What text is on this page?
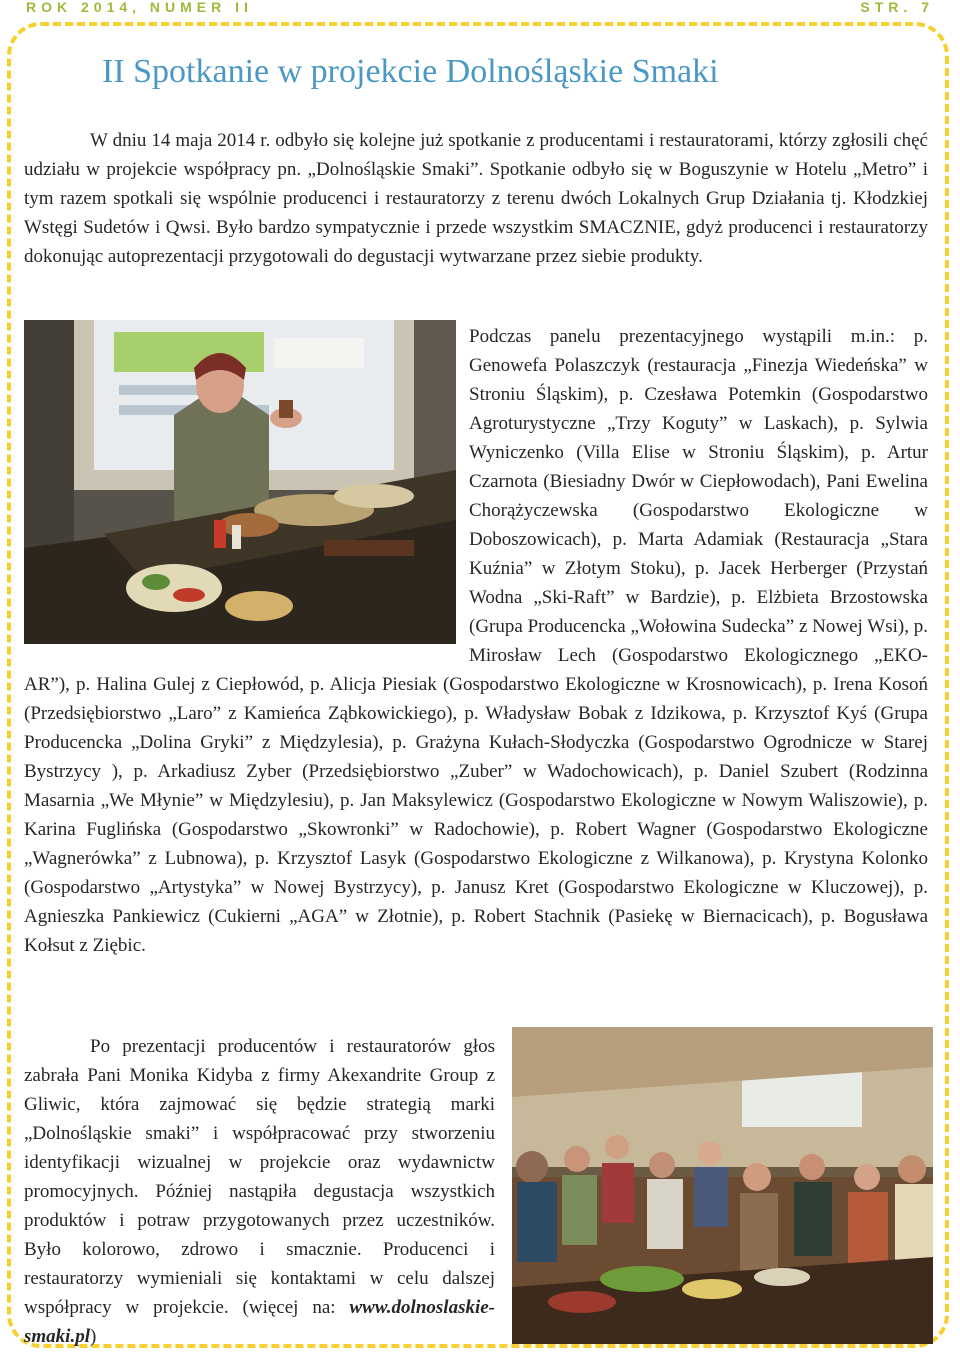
ROK 2014, NUMER II	STR. 7
II Spotkanie w projekcie Dolnośląskie Smaki

W dniu 14 maja 2014 r. odbyło się kolejne już spotkanie z producentami i restauratorami, którzy zgłosili chęć udziału w projekcie współpracy pn. „Dolnośląskie Smaki”. Spotkanie odbyło się w Boguszynie w Hotelu „Metro” i tym razem spotkali się wspólnie producenci i restauratorzy z terenu dwóch Lokalnych Grup Działania tj. Kłodzkiej Wstęgi Sudetów i Qwsi. Było bardzo sympatycznie i przede wszystkim SMACZNIE, gdyż producenci i restauratorzy dokonując autoprezentacji przygotowali do degustacji wytwarzane przez siebie produkty.

Podczas panelu prezentacyjnego wystąpili m.in.: p. Genowefa Polaszczyk (restauracja „Finezja Wiedeńska” w Stroniu Śląskim), p. Czesława Potemkin (Gospodarstwo Agroturystyczne „Trzy Koguty” w Laskach), p. Sylwia Wyniczenko (Villa Elise w Stroniu Śląskim), p. Artur Czarnota (Biesiadny Dwór w Ciepłowodach), Pani Ewelina Chorążyczewska (Gospodarstwo Ekologiczne w Doboszowicach), p. Marta Adamiak (Restauracja „Stara Kuźnia” w Złotym Stoku), p. Jacek Herberger (Przystań Wodna „Ski-Raft” w Bardzie), p. Elżbieta Brzostowska (Grupa Producencka „Wołowina Sudecka” z Nowej Wsi), p. Mirosław Lech (Gospodarstwo Ekologicznego „EKO-AR”), p. Halina Gulej z Ciepłowód, p. Alicja Piesiak (Gospodarstwo Ekologiczne w Krosnowicach), p. Irena Kosoń (Przedsiębiorstwo „Laro” z Kamieńca Ząbkowickiego), p. Władysław Bobak z Idzikowa, p. Krzysztof Kyś (Grupa Producencka „Dolina Gryki” z Międzylesia), p. Grażyna Kułach-Słodyczka (Gospodarstwo Ogrodnicze w Starej Bystrzycy ), p. Arkadiusz Zyber (Przedsiębiorstwo „Zuber” w Wadochowicach), p. Daniel Szubert (Rodzinna Masarnia „We Młynie” w Międzylesiu), p. Jan Maksylewicz (Gospodarstwo Ekologiczne w Nowym Waliszowie), p. Karina Fuglińska (Gospodarstwo „Skowronki” w Radochowie), p. Robert Wagner (Gospodarstwo Ekologiczne „Wagnerówka” z Lubnowa), p. Krzysztof Lasyk (Gospodarstwo Ekologiczne z Wilkanowa), p. Krystyna Kolonko (Gospodarstwo „Artystyka” w Nowej Bystrzycy), p. Janusz Kret (Gospodarstwo Ekologiczne w Kluczowej), p. Agnieszka Pankiewicz (Cukierni „AGA” w Złotnie), p. Robert Stachnik (Pasiekę w Biernacicach), p. Bogusława Kołsut z Ziębic.

Po prezentacji producentów i restauratorów głos zabrała Pani Monika Kidyba z firmy Akexandrite Group z Gliwic, która zajmować się będzie strategią marki „Dolnośląskie smaki” i współpracować przy stworzeniu identyfikacji wizualnej w projekcie oraz wydawnictw promocyjnych. Później nastąpiła degustacja wszystkich produktów i potraw przygotowanych przez uczestników. Było kolorowo, zdrowo i smacznie. Producenci i restauratorzy wymieniali się kontaktami w celu dalszej współpracy w projekcie. (więcej na: www.dolnoslaskie-smaki.pl)
